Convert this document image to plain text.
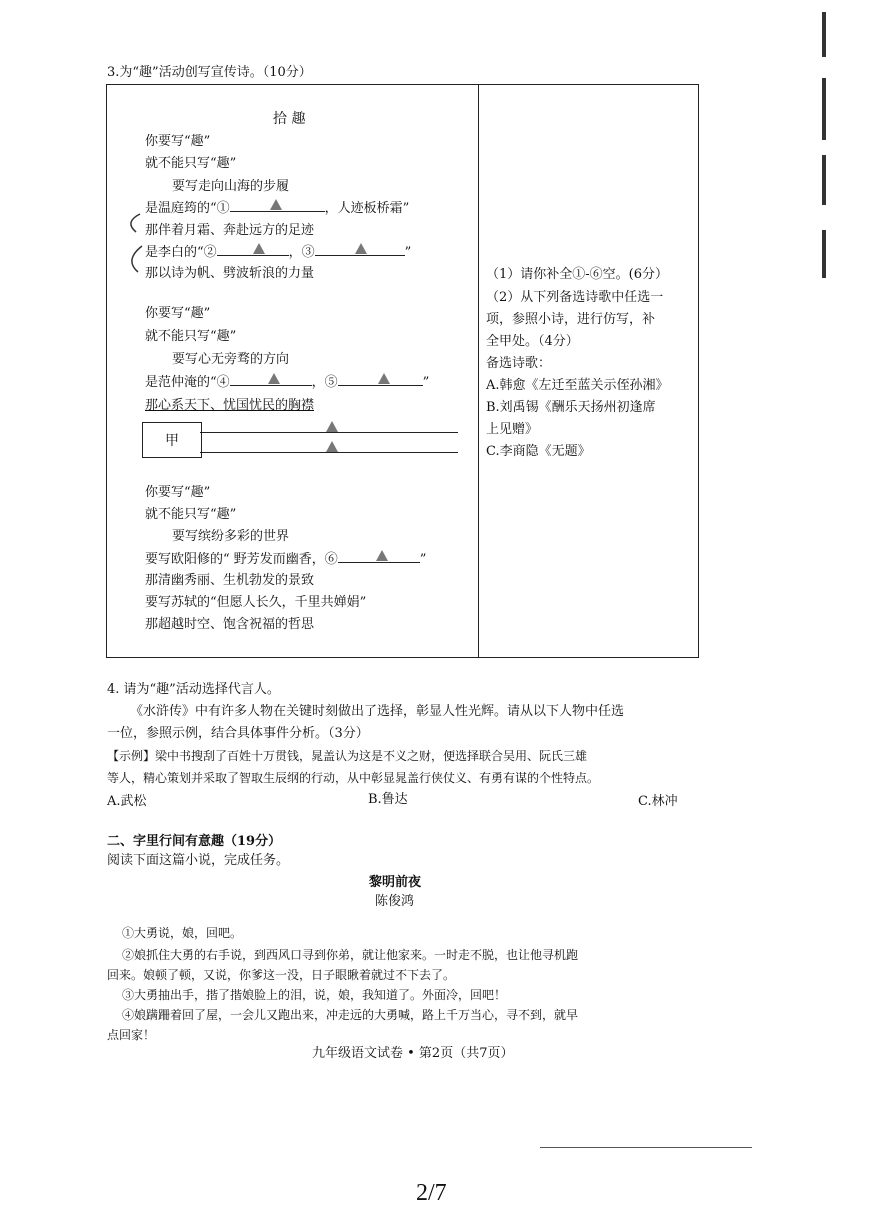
3.为“趣”活动创写宣传诗。（10分）
拾 趣
你要写“趣”
就不能只写“趣”
要写走向山海的步履
是温庭筠的“①	，人迹板桥霜”
那伴着月霜、奔赴远方的足迹
是李白的“②	，③	”
那以诗为帆、劈波斩浪的力量
你要写“趣”
就不能只写“趣”
要写心无旁骛的方向
是范仲淹的“④	，⑤	”
那心系天下、忧国忧民的胸襟
甲
你要写“趣”
就不能只写“趣”
要写缤纷多彩的世界
要写欧阳修的“ 野芳发而幽香，⑥	”
那清幽秀丽、生机勃发的景致
要写苏轼的“但愿人长久，千里共婵娟”
那超越时空、饱含祝福的哲思
（1）请你补全①-⑥空。(6分）
（2）从下列备选诗歌中任选一
项，参照小诗，进行仿写，补
全甲处。（4分）
备选诗歌：
A.韩愈《左迁至蓝关示侄孙湘》
B.刘禹锡《酬乐天扬州初逢席
上见赠》
C.李商隐《无题》
4. 请为“趣”活动选择代言人。
《水浒传》中有许多人物在关键时刻做出了选择，彰显人性光辉。请从以下人物中任选
一位，参照示例，结合具体事件分析。（3分）
【示例】梁中书搜刮了百姓十万贯钱，晁盖认为这是不义之财，便选择联合吴用、阮氏三雄
等人，精心策划并采取了智取生辰纲的行动，从中彰显晁盖行侠仗义、有勇有谋的个性特点。
A.武松	B.鲁达	C.林冲
二、字里行间有意趣（19分）
阅读下面这篇小说，完成任务。
黎明前夜
陈俊鸿
①大勇说，娘，回吧。
②娘抓住大勇的右手说，到西风口寻到你弟，就让他家来。一时走不脱，也让他寻机跑
回来。娘顿了顿，又说，你爹这一没，日子眼瞅着就过不下去了。
③大勇抽出手，揩了揩娘脸上的泪，说，娘，我知道了。外面冷，回吧！
④娘蹒跚着回了屋，一会儿又跑出来，冲走远的大勇喊，路上千万当心，寻不到，就早
点回家！
九年级语文试卷 • 第2页（共7页）
2/7
